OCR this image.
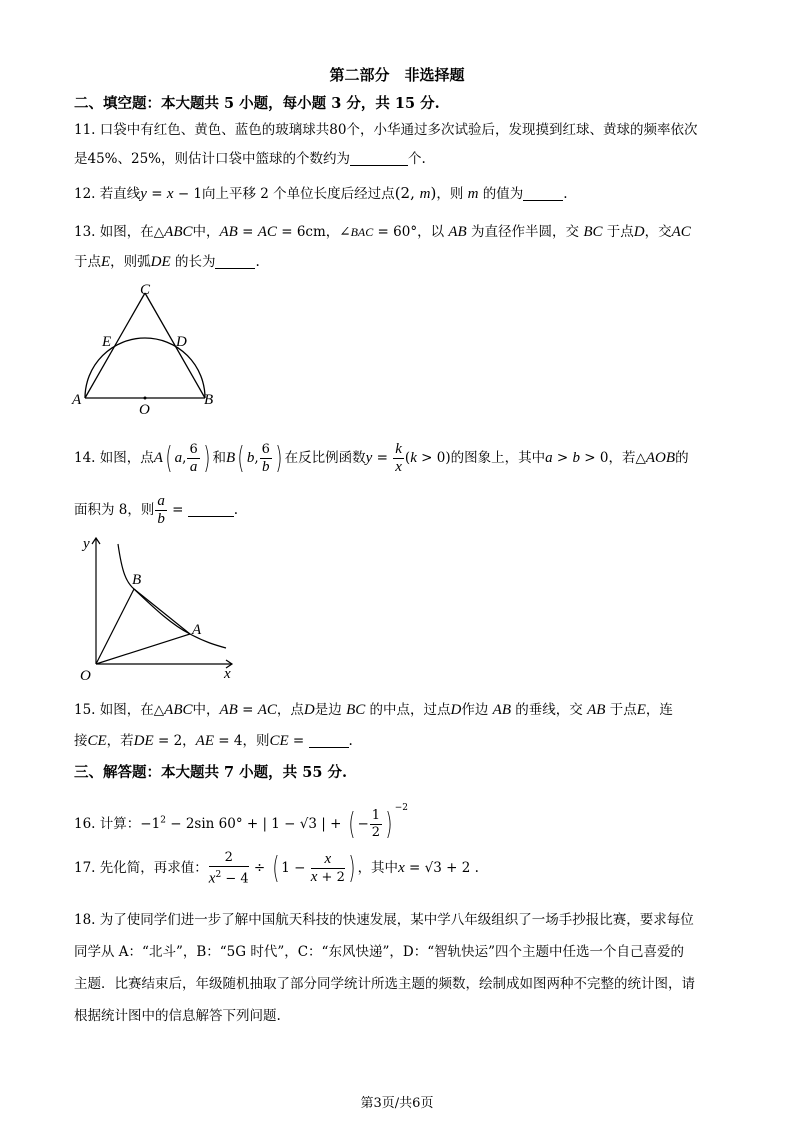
第二部分　非选择题
二、填空题：本大题共 5 小题，每小题 3 分，共 15 分.
11. 口袋中有红色、黄色、蓝色的玻璃球共80个，小华通过多次试验后，发现摸到红球、黄球的频率依次
是45%、25%，则估计口袋中篮球的个数约为	个.
12. 若直线y = x − 1向上平移 2 个单位长度后经过点(2, m)，则 m 的值为	.
13. 如图，在△ABC中，AB = AC = 6cm，∠BAC = 60°，以 AB 为直径作半圆，交 BC 于点D，交AC
于点E，则弧DE 的长为	.
C
E	D
A
O
B
14. 如图，点A( a, $\frac{6}{a}$ ) 和B( b, $\frac{6}{b}$ ) 在反比例函数$y = \frac{k}{x} (k > 0)$的图象上，其中a > b > 0，若△AOB的
面积为 8，则 $\frac{a}{b}$ =	.
y
B
A
O	x
15. 如图，在△ABC中，AB = AC，点D是边 BC 的中点，过点D作边 AB 的垂线，交 AB 于点E，连
接CE，若DE = 2，AE = 4，则CE =	.
三、解答题：本大题共 7 小题，共 55 分.
16. 计算：$-1^2 - 2\sin$ 60° + | 1 − √3 | + ( − $\frac{1}{2}$ ) $^{-2}$
17. 先化简，再求值： $\frac{2}{x^2 - 4}$ ÷ ( $1 - \frac{x}{x + 2}$ ) ，其中x = √3 + 2 .
18. 为了使同学们进一步了解中国航天科技的快速发展，某中学八年级组织了一场手抄报比赛，要求每位
同学从 A：“北斗”，B：“5G 时代”，C：“东风快递”，D：“智轨快运”四个主题中任选一个自己喜爱的
主题．比赛结束后，年级随机抽取了部分同学统计所选主题的频数，绘制成如图两种不完整的统计图，请
根据统计图中的信息解答下列问题.
第3页/共6页
